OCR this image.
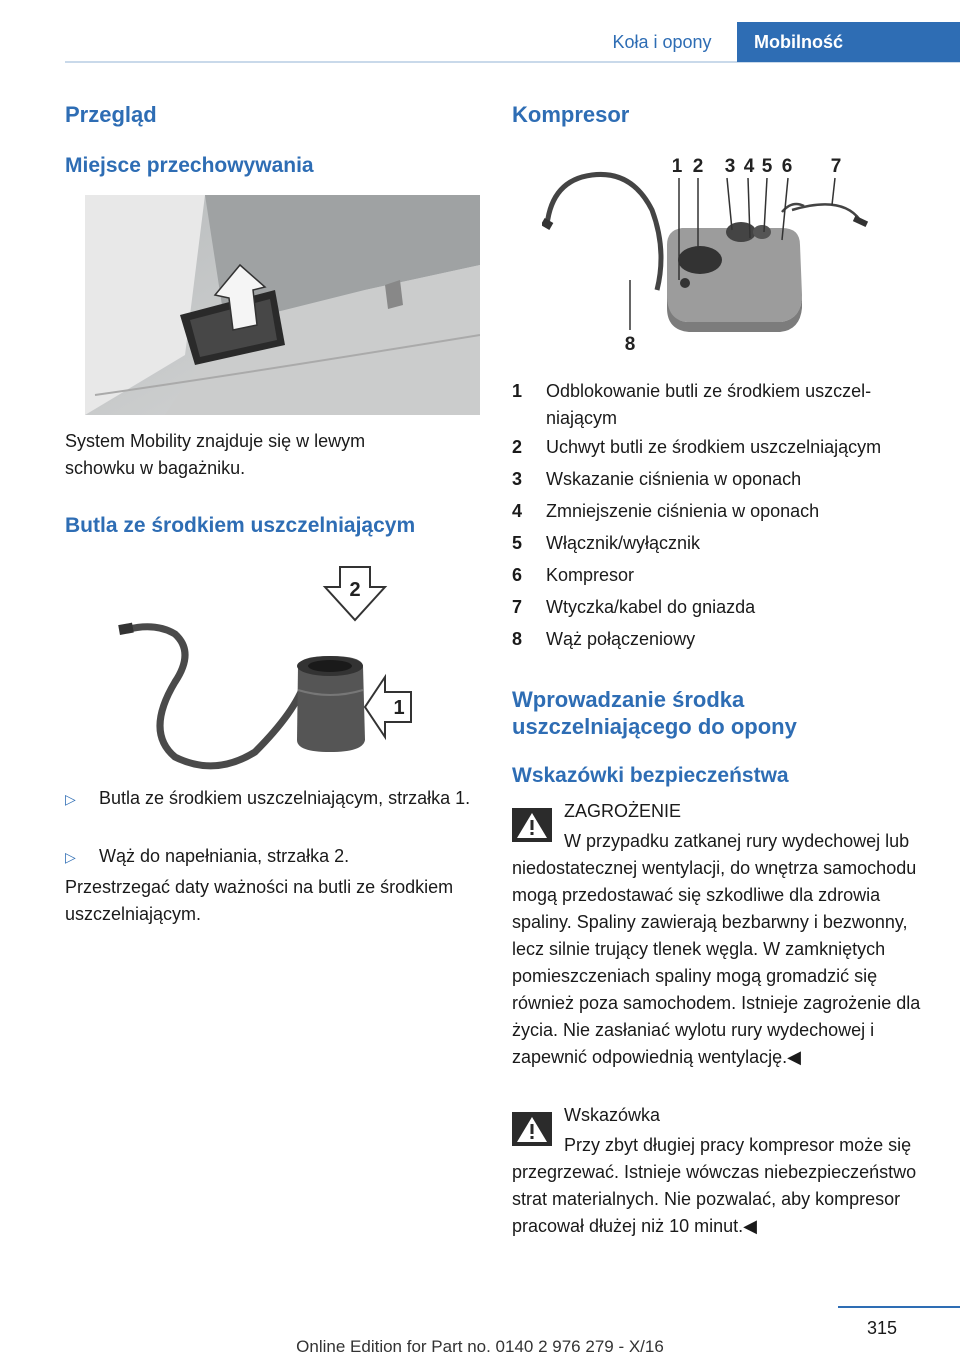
Koła i opony	Mobilność
Przegląd
Miejsce przechowywania

System Mobility znajduje się w lewym schowku w bagażniku.

Butla ze środkiem uszczelniającym
2
1
▷	Butla ze środkiem uszczelniającym, strzałka 1.
▷	Wąż do napełniania, strzałka 2.

Przestrzegać daty ważności na butli ze środkiem uszczelniającym.

Kompresor
1 2 3 4 5 6 7
8
1	Odblokowanie butli ze środkiem uszczel-niającym
2	Uchwyt butli ze środkiem uszczelniającym
3	Wskazanie ciśnienia w oponach
4	Zmniejszenie ciśnienia w oponach
5	Włącznik/wyłącznik
6	Kompresor
7	Wtyczka/kabel do gniazda
8	Wąż połączeniowy
Wprowadzanie środka uszczelniającego do opony
Wskazówki bezpieczeństwa
ZAGROŻENIE

W przypadku zatkanej rury wydechowej lub niedostatecznej wentylacji, do wnętrza samochodu mogą przedostawać się szkodliwe dla zdrowia spaliny. Spaliny zawierają bezbarwny i bezwonny, lecz silnie trujący tlenek węgla. W zamkniętych pomieszczeniach spaliny mogą gromadzić się również poza samochodem. Istnieje zagrożenie dla życia. Nie zasłaniać wylotu rury wydechowej i zapewnić odpowiednią wentylację.◀

Wskazówka

Przy zbyt długiej pracy kompresor może się przegrzewać. Istnieje wówczas niebezpieczeństwo strat materialnych. Nie pozwalać, aby kompresor pracował dłużej niż 10 minut.◀

315
Online Edition for Part no. 0140 2 976 279 - X/16
